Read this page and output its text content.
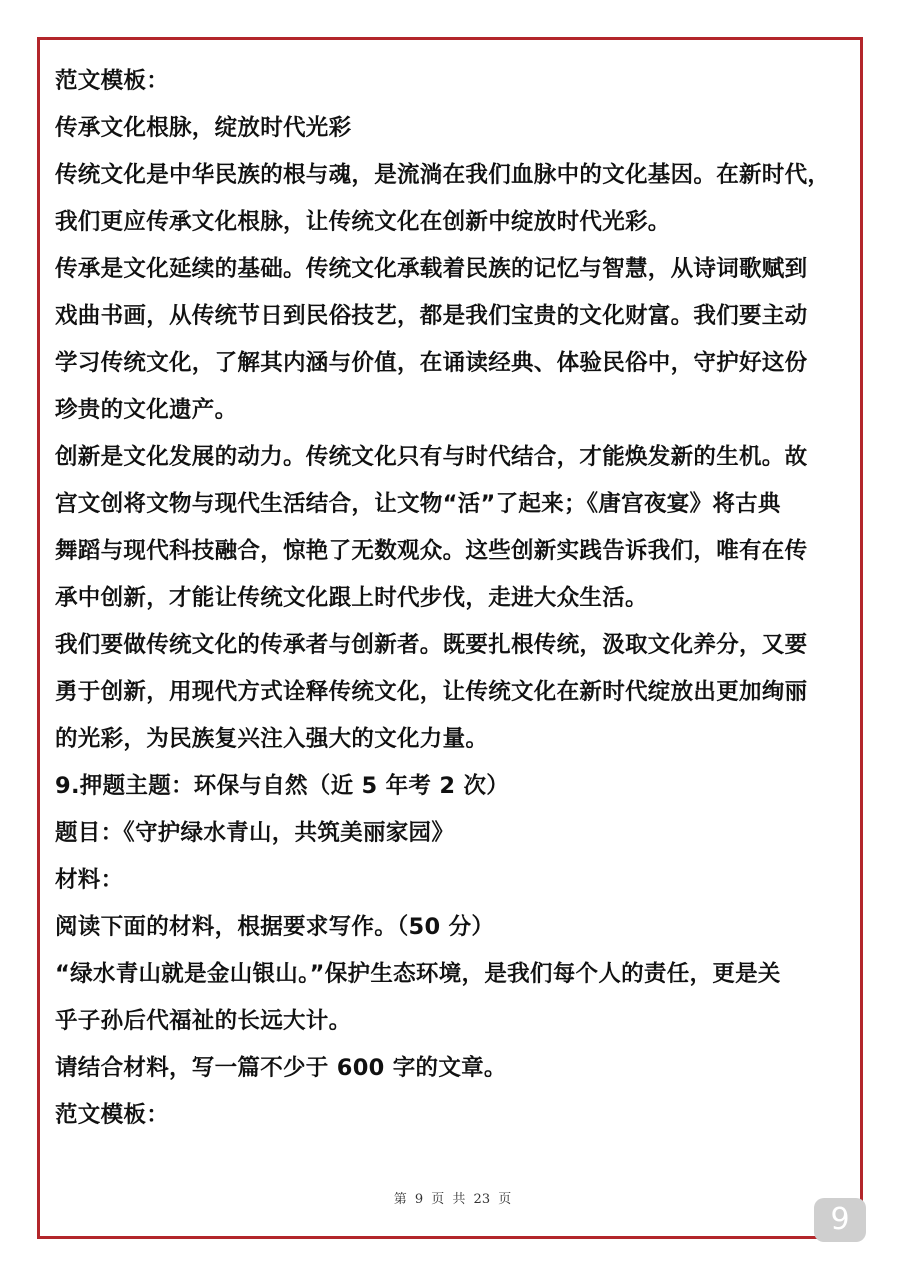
范文模板：
传承文化根脉，绽放时代光彩
传统文化是中华民族的根与魂，是流淌在我们血脉中的文化基因。在新时代，
我们更应传承文化根脉，让传统文化在创新中绽放时代光彩。
传承是文化延续的基础。传统文化承载着民族的记忆与智慧，从诗词歌赋到
戏曲书画，从传统节日到民俗技艺，都是我们宝贵的文化财富。我们要主动
学习传统文化，了解其内涵与价值，在诵读经典、体验民俗中，守护好这份
珍贵的文化遗产。
创新是文化发展的动力。传统文化只有与时代结合，才能焕发新的生机。故
宫文创将文物与现代生活结合，让文物“活”了起来；《唐宫夜宴》将古典
舞蹈与现代科技融合，惊艳了无数观众。这些创新实践告诉我们，唯有在传
承中创新，才能让传统文化跟上时代步伐，走进大众生活。
我们要做传统文化的传承者与创新者。既要扎根传统，汲取文化养分，又要
勇于创新，用现代方式诠释传统文化，让传统文化在新时代绽放出更加绚丽
的光彩，为民族复兴注入强大的文化力量。
9.押题主题：环保与自然（近 5 年考 2 次）
题目：《守护绿水青山，共筑美丽家园》
材料：
阅读下面的材料，根据要求写作。（50 分）
“绿水青山就是金山银山。”保护生态环境，是我们每个人的责任，更是关
乎子孙后代福祉的长远大计。
请结合材料，写一篇不少于 600 字的文章。
范文模板：
第 9 页 共 23 页
9
